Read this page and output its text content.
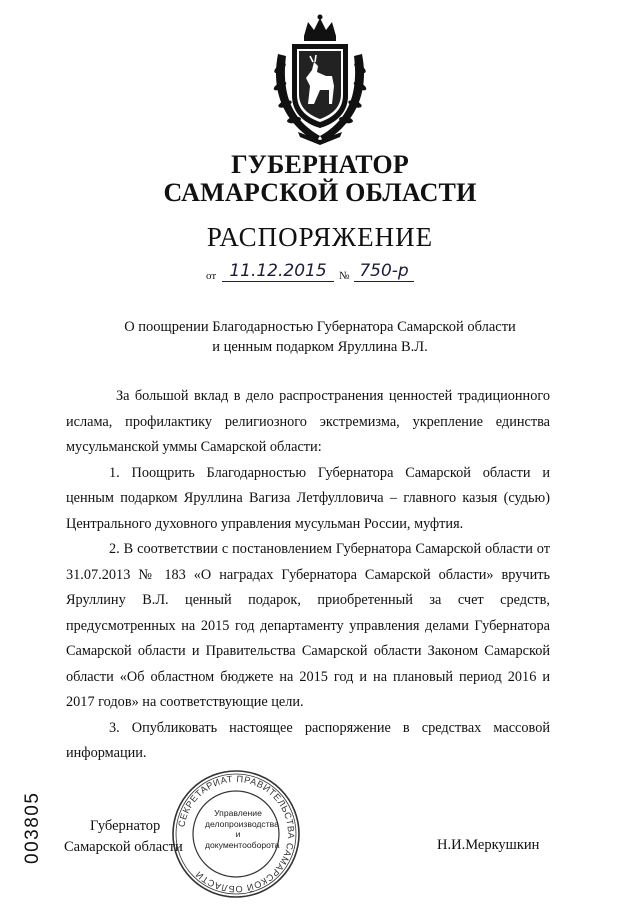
ГУБЕРНАТОР
САМАРСКОЙ ОБЛАСТИ
РАСПОРЯЖЕНИЕ
от 11.12.2015	№ 750-р
О поощрении Благодарностью Губернатора Самарской области
и ценным подарком Яруллина В.Л.

За большой вклад в дело распространения ценностей традиционного ислама, профилактику религиозного экстремизма, укрепление единства мусульманской уммы Самарской области:

1. Поощрить Благодарностью Губернатора Самарской области и ценным подарком Яруллина Вагиза Летфулловича – главного казыя (судью) Центрального духовного управления мусульман России, муфтия.

2. В соответствии с постановлением Губернатора Самарской области от 31.07.2013 № 183 «О наградах Губернатора Самарской области» вручить Яруллину В.Л. ценный подарок, приобретенный за счет средств, предусмотренных на 2015 год департаменту управления делами Губернатора Самарской области и Правительства Самарской области Законом Самарской области «Об областном бюджете на 2015 год и на плановый период 2016 и 2017 годов» на соответствующие цели.

3. Опубликовать настоящее распоряжение в средствах массовой информации.

СЕКРЕТАРИАТ ПРАВИТЕЛЬСТВА САМАРСКОЙ ОБЛАСТИ
Управление
делопроизводства
и документооборота
Губернатор
Самарской области	Н.И.Меркушкин
003805
